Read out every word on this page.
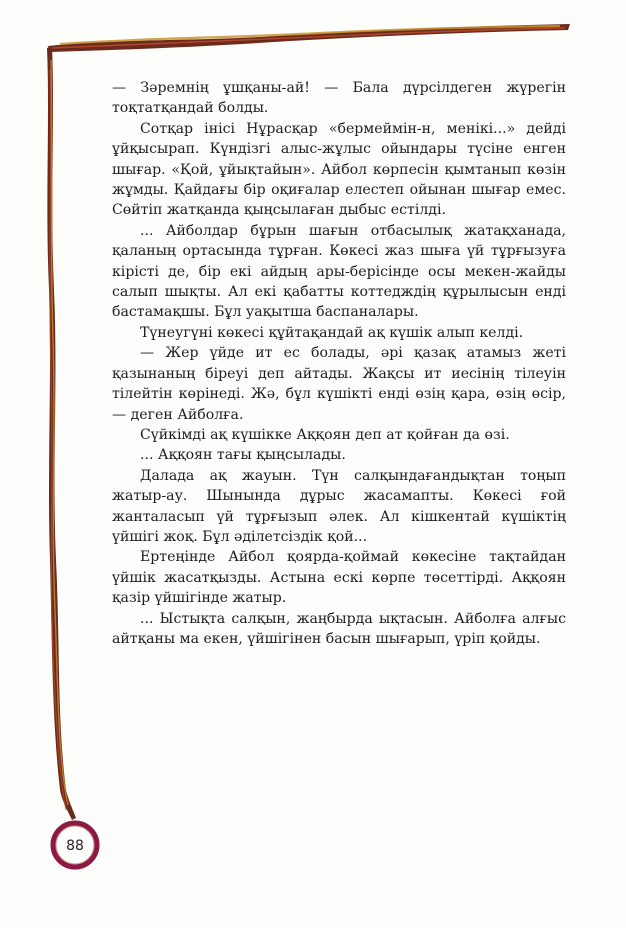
— Зәремнің ұшқаны-ай! — Бала дүрсілдеген жүрегін тоқтатқандай болды.

Сотқар інісі Нұрасқар «бермеймін-н, менікі...» дейді ұйқысырап. Күндізгі алыс-жұлыс ойындары түсіне енген шығар. «Қой, ұйықтайын». Айбол көрпесін қымтанып көзін жұмды. Қайдағы бір оқиғалар елестеп ойынан шығар емес. Сөйтіп жатқанда қыңсылаған дыбыс естілді.

... Айболдар бұрын шағын отбасылық жатақханада, қаланың ортасында тұрған. Көкесі жаз шыға үй тұрғызуға кірісті де, бір екі айдың ары-берісінде осы мекен-жайды салып шықты. Ал екі қабатты коттедждің құрылысын енді бастамақшы. Бұл уақытша баспаналары.

Түнеугүні көкесі құйтақандай ақ күшік алып келді.

— Жер үйде ит ес болады, әрі қазақ атамыз жеті қазынаның біреуі деп айтады. Жақсы ит иесінің тілеуін тілейтін көрінеді. Жә, бұл күшікті енді өзің қара, өзің өсір, — деген Айболға.

Сүйкімді ақ күшікке Аққоян деп ат қойған да өзі.

... Аққоян тағы қыңсылады.

Далада ақ жауын. Түн салқындағандықтан тоңып жатыр-ау. Шынында дұрыс жасамапты. Көкесі ғой жанталасып үй тұрғызып әлек. Ал кішкентай күшіктің үйшігі жоқ. Бұл әділетсіздік қой...

Ертеңінде Айбол қоярда-қоймай көкесіне тақтайдан үйшік жасатқызды. Астына ескі көрпе төсеттірді. Аққоян қазір үйшігінде жатыр.

... Ыстықта салқын, жаңбырда ықтасын. Айболға алғыс айтқаны ма екен, үйшігінен басын шығарып, үріп қойды.

88
